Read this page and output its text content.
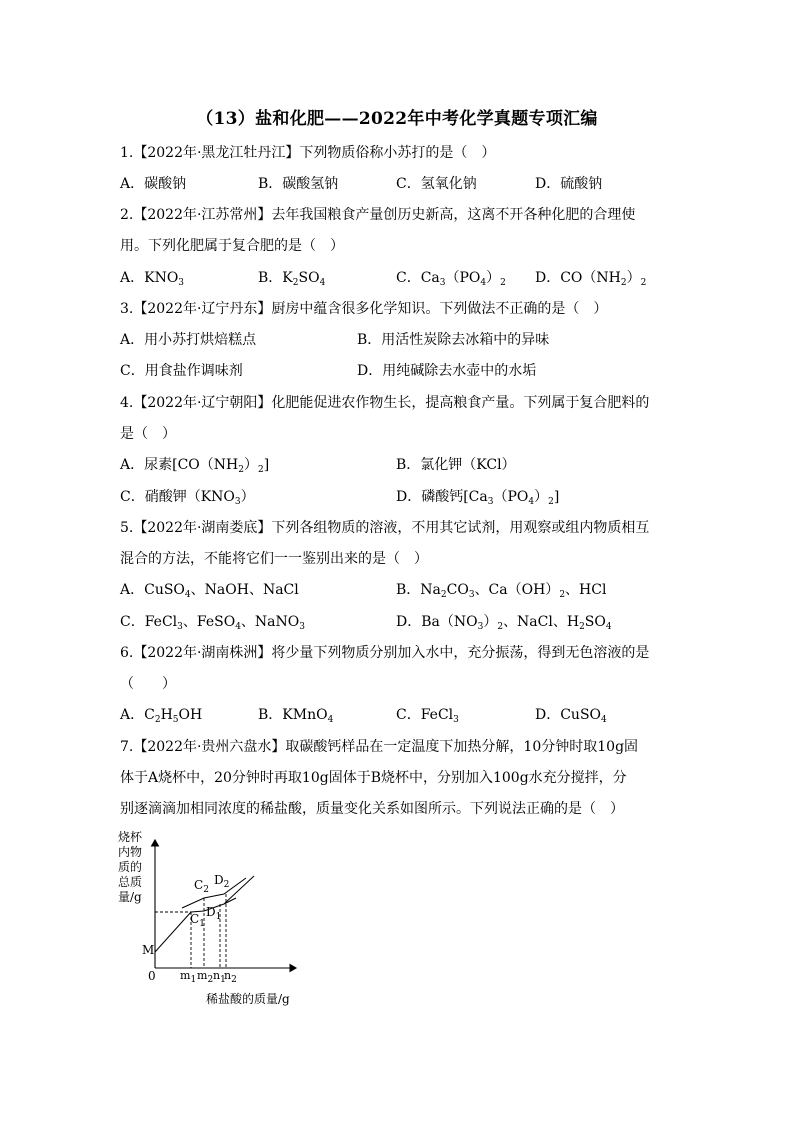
（13）盐和化肥——2022年中考化学真题专项汇编
1.【2022年·黑龙江牡丹江】下列物质俗称小苏打的是（　）
A．碳酸钠	B．碳酸氢钠	C．氢氧化钠	D．硫酸钠
2.【2022年·江苏常州】去年我国粮食产量创历史新高，这离不开各种化肥的合理使
用。下列化肥属于复合肥的是（　）
A．$KNO_3$	B．$K_2SO_4$	C．$Ca_3(PO_4)_2$ D．$CO(NH_2)_2$
3.【2022年·辽宁丹东】厨房中蕴含很多化学知识。下列做法不正确的是（　）
A．用小苏打烘焙糕点	B．用活性炭除去冰箱中的异味
C．用食盐作调味剂	D．用纯碱除去水壶中的水垢
4.【2022年·辽宁朝阳】化肥能促进农作物生长，提高粮食产量。下列属于复合肥料的
是（　）
A．尿素$[CO(NH_2)_2]$	B．氯化钾（KCl）
C．硝酸钾$(KNO_3)$	D．磷酸钙$[Ca_3(PO_4)_2]$
5.【2022年·湖南娄底】下列各组物质的溶液，不用其它试剂，用观察或组内物质相互
混合的方法，不能将它们一一鉴别出来的是（　）
A．CuSO$_4$、NaOH、NaCl	B．$Na_2CO_3$、$Ca(OH)_2$、HCl
C．FeCl$_3$、FeSO$_4$、NaNO$_3$	D．$Ba(NO_3)_2$、NaCl、$H_2SO_4$
6.【2022年·湖南株洲】将少量下列物质分别加入水中，充分振荡，得到无色溶液的是
（　　）
A．$C_2H_5OH$	B．KMnO$_4$	C．FeCl$_3$	D．CuSO$_4$
7.【2022年·贵州六盘水】取碳酸钙样品在一定温度下加热分解，10分钟时取10g固
体于A烧杯中，20分钟时再取10g固体于B烧杯中，分别加入100g水充分搅拌，分
别逐滴滴加相同浓度的稀盐酸，质量变化关系如图所示。下列说法正确的是（　）
烧杯
内物
质的
总质
量/g
M
0
$C_2$
$D_2$
$C_1$
$D_1$
$m_1$ $m_2$ $n_1$
$n_2$
稀盐酸的质量/g
